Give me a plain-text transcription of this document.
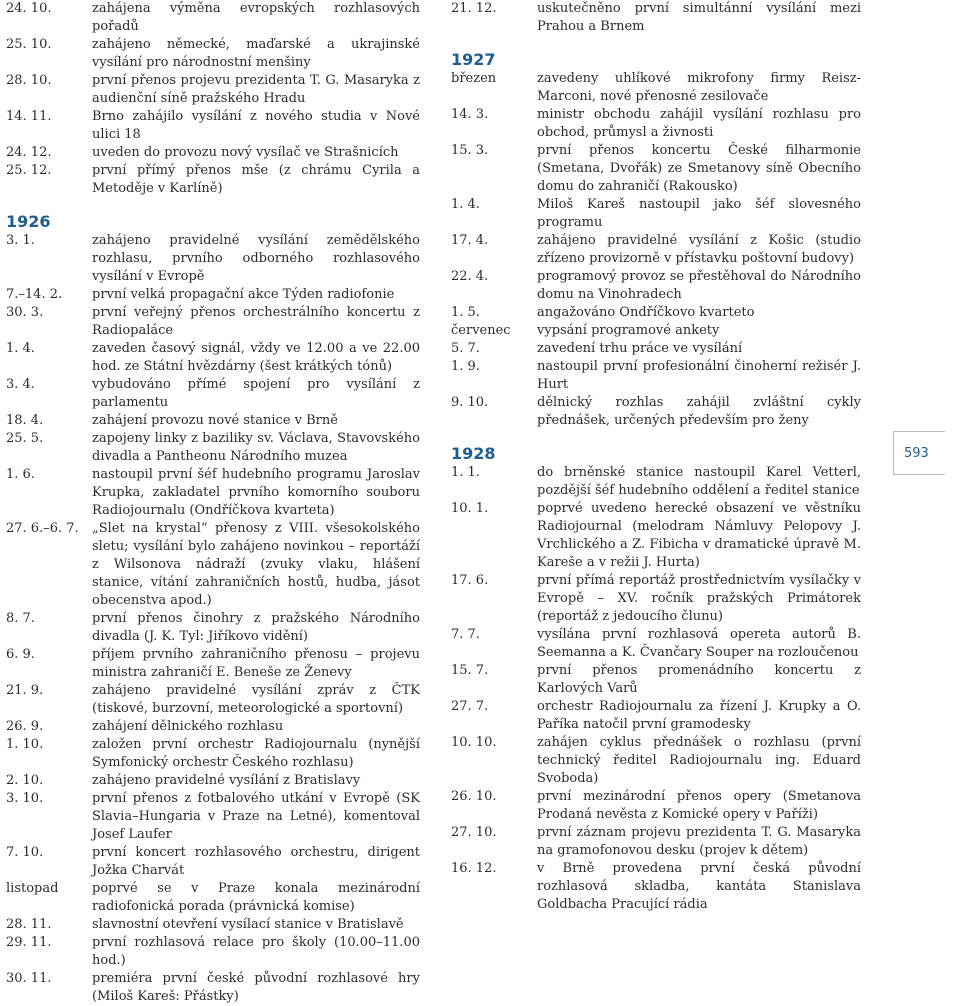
24. 10.	zahájena výměna evropských rozhlasových pořadů
25. 10.	zahájeno německé, maďarské a ukrajinské vysílání pro národnostní menšiny
28. 10.	první přenos projevu prezidenta T. G. Masaryka z audienční síně pražského Hradu
14. 11.	Brno zahájilo vysílání z nového studia v Nové ulici 18
24. 12.	uveden do provozu nový vysílač ve Strašnicích
25. 12.	první přímý přenos mše (z chrámu Cyrila a Metoděje v Karlíně)
1926
3. 1.	zahájeno pravidelné vysílání zemědělského rozhlasu, prvního odborného rozhlasového vysílání v Evropě
7.–14. 2.	první velká propagační akce Týden radiofonie
30. 3.	první veřejný přenos orchestrálního koncertu z Radiopaláce
1. 4.	zaveden časový signál, vždy ve 12.00 a ve 22.00 hod. ze Státní hvězdárny (šest krátkých tónů)
3. 4.	vybudováno přímé spojení pro vysílání z parlamentu
18. 4.	zahájení provozu nové stanice v Brně
25. 5.	zapojeny linky z baziliky sv. Václava, Stavovského divadla a Pantheonu Národního muzea
1. 6.	nastoupil první šéf hudebního programu Jaroslav Krupka, zakladatel prvního komorního souboru Radiojournalu (Ondříčkova kvarteta)
27. 6.–6. 7.	„Slet na krystal“ přenosy z VIII. všesokolského sletu; vysílání bylo zahájeno novinkou – reportáží z Wilsonova nádraží (zvuky vlaku, hlášení stanice, vítání zahraničních hostů, hudba, jásot obecenstva apod.)
8. 7.	první přenos činohry z pražského Národního divadla (J. K. Tyl: Jiříkovo vidění)
6. 9.	příjem prvního zahraničního přenosu – projevu ministra zahraničí E. Beneše ze Ženevy
21. 9.	zahájeno pravidelné vysílání zpráv z ČTK (tiskové, burzovní, meteorologické a sportovní)
26. 9.	zahájení dělnického rozhlasu
1. 10.	založen první orchestr Radiojournalu (nynější Symfonický orchestr Českého rozhlasu)
2. 10.	zahájeno pravidelné vysílání z Bratislavy
3. 10.	první přenos z fotbalového utkání v Evropě (SK Slavia–Hungaria v Praze na Letné), komentoval Josef Laufer
7. 10.	první koncert rozhlasového orchestru, dirigent Jožka Charvát
listopad	poprvé se v Praze konala mezinárodní radiofonická porada (právnická komise)
28. 11.	slavnostní otevření vysílací stanice v Bratislavě
29. 11.	první rozhlasová relace pro školy (10.00–11.00 hod.)
30. 11.	premiéra první české původní rozhlasové hry (Miloš Kareš: Přástky)
21. 12.	uskutečněno první simultánní vysílání mezi Prahou a Brnem
1927
březen	zavedeny uhlíkové mikrofony firmy Reisz-Marconi, nové přenosné zesilovače
14. 3.	ministr obchodu zahájil vysílání rozhlasu pro obchod, průmysl a živnosti
15. 3.	první přenos koncertu České filharmonie (Smetana, Dvořák) ze Smetanovy síně Obecního domu do zahraničí (Rakousko)
1. 4.	Miloš Kareš nastoupil jako šéf slovesného programu
17. 4.	zahájeno pravidelné vysílání z Košic (studio zřízeno provizorně v přístavku poštovní budovy)
22. 4.	programový provoz se přestěhoval do Národního domu na Vinohradech
1. 5.	angažováno Ondříčkovo kvarteto
červenec	vypsání programové ankety
5. 7.	zavedení trhu práce ve vysílání
1. 9.	nastoupil první profesionální činoherní režisér J. Hurt
9. 10.	dělnický rozhlas zahájil zvláštní cykly přednášek, určených především pro ženy
1928
1. 1.	do brněnské stanice nastoupil Karel Vetterl, pozdější šéf hudebního oddělení a ředitel stanice
10. 1.	poprvé uvedeno herecké obsazení ve věstníku Radiojournal (melodram Námluvy Pelopovy J. Vrchlického a Z. Fibicha v dramatické úpravě M. Kareše a v režii J. Hurta)
17. 6.	první přímá reportáž prostřednictvím vysílačky v Evropě – XV. ročník pražských Primátorek (reportáž z jedoucího člunu)
7. 7.	vysílána první rozhlasová opereta autorů B. Seemanna a K. Čvančary Souper na rozloučenou
15. 7.	první přenos promenádního koncertu z Karlových Varů
27. 7.	orchestr Radiojournalu za řízení J. Krupky a O. Paříka natočil první gramodesky
10. 10.	zahájen cyklus přednášek o rozhlasu (první technický ředitel Radiojournalu ing. Eduard Svoboda)
26. 10.	první mezinárodní přenos opery (Smetanova Prodaná nevěsta z Komické opery v Paříži)
27. 10.	první záznam projevu prezidenta T. G. Masaryka na gramofonovou desku (projev k dětem)
16. 12.	v Brně provedena první česká původní rozhlasová skladba, kantáta Stanislava Goldbacha Pracující rádia
593
